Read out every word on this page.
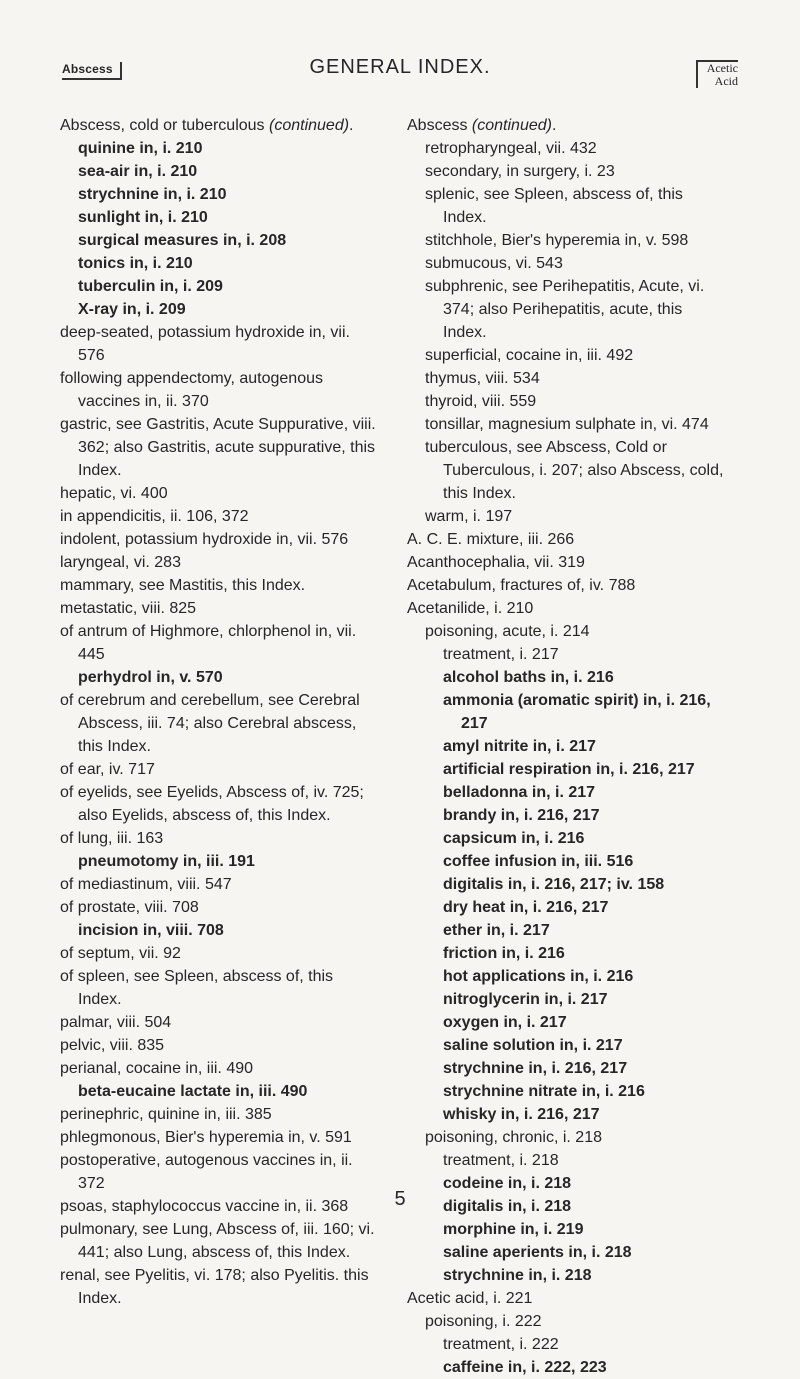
Abscess	GENERAL INDEX.	Acetic
Acid

Abscess, cold or tuberculous (continued).

quinine in, i. 210

sea-air in, i. 210

strychnine in, i. 210

sunlight in, i. 210

surgical measures in, i. 208

tonics in, i. 210

tuberculin in, i. 209

X-ray in, i. 209

deep-seated, potassium hydroxide in, vii. 576

following appendectomy, autogenous vaccines in, ii. 370

gastric, see Gastritis, Acute Suppurative, viii. 362; also Gastritis, acute suppurative, this Index.

hepatic, vi. 400

in appendicitis, ii. 106, 372

indolent, potassium hydroxide in, vii. 576

laryngeal, vi. 283

mammary, see Mastitis, this Index.

metastatic, viii. 825

of antrum of Highmore, chlorphenol in, vii. 445

perhydrol in, v. 570

of cerebrum and cerebellum, see Cerebral Abscess, iii. 74; also Cerebral abscess, this Index.

of ear, iv. 717

of eyelids, see Eyelids, Abscess of, iv. 725; also Eyelids, abscess of, this Index.

of lung, iii. 163

pneumotomy in, iii. 191

of mediastinum, viii. 547

of prostate, viii. 708

incision in, viii. 708

of septum, vii. 92

of spleen, see Spleen, abscess of, this Index.

palmar, viii. 504

pelvic, viii. 835

perianal, cocaine in, iii. 490

beta-eucaine lactate in, iii. 490

perinephric, quinine in, iii. 385

phlegmonous, Bier's hyperemia in, v. 591

postoperative, autogenous vaccines in, ii. 372

psoas, staphylococcus vaccine in, ii. 368

pulmonary, see Lung, Abscess of, iii. 160; vi. 441; also Lung, abscess of, this Index.

renal, see Pyelitis, vi. 178; also Pyelitis. this Index.

Abscess (continued).

retropharyngeal, vii. 432

secondary, in surgery, i. 23

splenic, see Spleen, abscess of, this Index.

stitchhole, Bier's hyperemia in, v. 598

submucous, vi. 543

subphrenic, see Perihepatitis, Acute, vi. 374; also Perihepatitis, acute, this Index.

superficial, cocaine in, iii. 492

thymus, viii. 534

thyroid, viii. 559

tonsillar, magnesium sulphate in, vi. 474

tuberculous, see Abscess, Cold or Tuberculous, i. 207; also Abscess, cold, this Index.

warm, i. 197

A. C. E. mixture, iii. 266

Acanthocephalia, vii. 319

Acetabulum, fractures of, iv. 788

Acetanilide, i. 210

poisoning, acute, i. 214

treatment, i. 217

alcohol baths in, i. 216

ammonia (aromatic spirit) in, i. 216, 217

amyl nitrite in, i. 217

artificial respiration in, i. 216, 217

belladonna in, i. 217

brandy in, i. 216, 217

capsicum in, i. 216

coffee infusion in, iii. 516

digitalis in, i. 216, 217; iv. 158

dry heat in, i. 216, 217

ether in, i. 217

friction in, i. 216

hot applications in, i. 216

nitroglycerin in, i. 217

oxygen in, i. 217

saline solution in, i. 217

strychnine in, i. 216, 217

strychnine nitrate in, i. 216

whisky in, i. 216, 217

poisoning, chronic, i. 218

treatment, i. 218

codeine in, i. 218

digitalis in, i. 218

morphine in, i. 219

saline aperients in, i. 218

strychnine in, i. 218

Acetic acid, i. 221

poisoning, i. 222

treatment, i. 222

caffeine in, i. 222, 223

5
